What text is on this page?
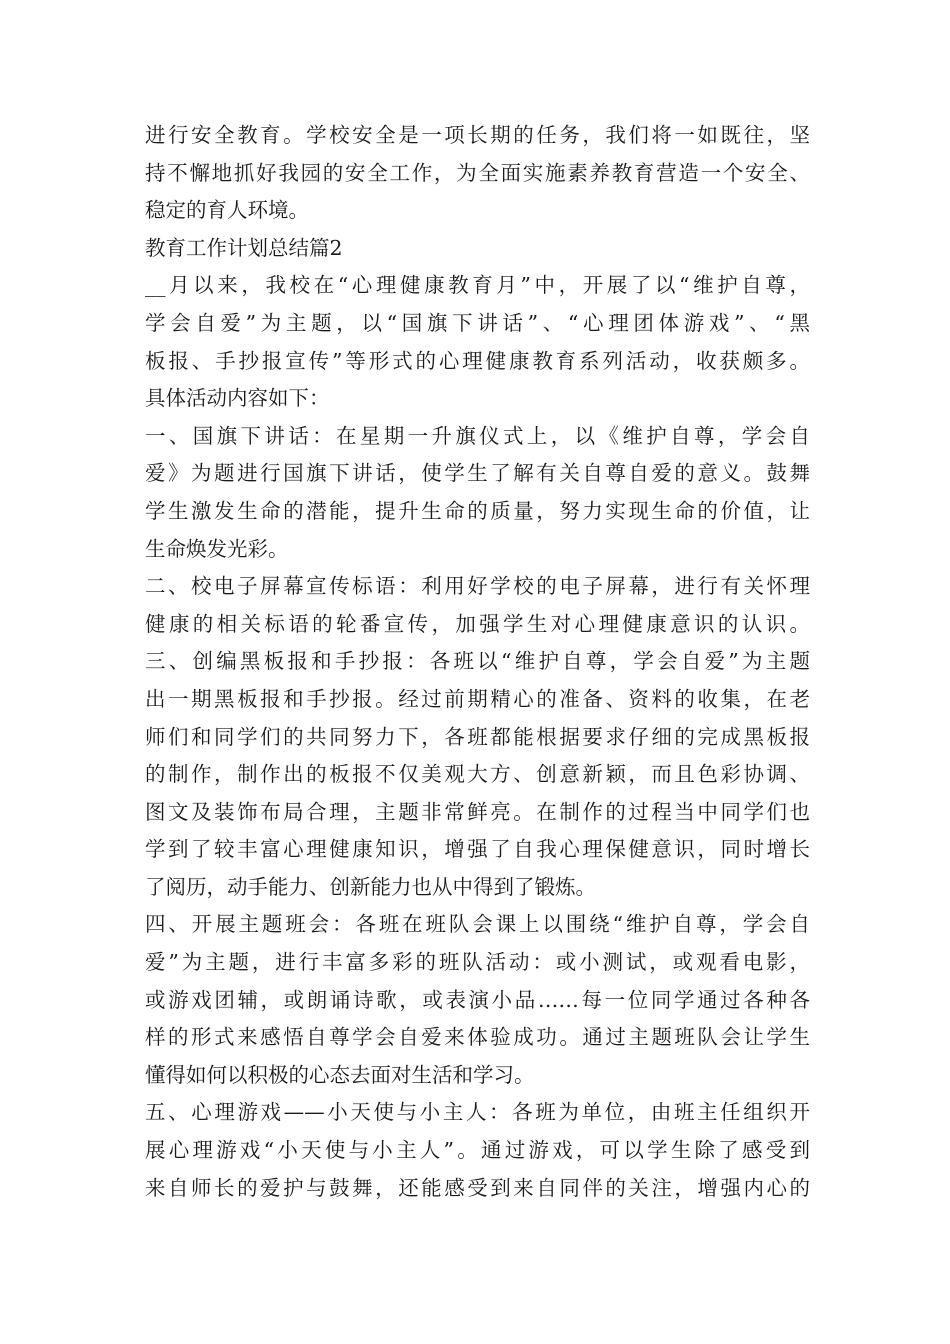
进行安全教育。学校安全是一项长期的任务，我们将一如既往，坚
持不懈地抓好我园的安全工作，为全面实施素养教育营造一个安全、
稳定的育人环境。
教育工作计划总结篇2
__月以来，我校在“心理健康教育月”中，开展了以“维护自尊，
学会自爱”为主题，以“国旗下讲话”、“心理团体游戏”、“黑
板报、手抄报宣传”等形式的心理健康教育系列活动，收获颇多。
具体活动内容如下：
一、国旗下讲话：在星期一升旗仪式上，以《维护自尊，学会自
爱》为题进行国旗下讲话，使学生了解有关自尊自爱的意义。鼓舞
学生激发生命的潜能，提升生命的质量，努力实现生命的价值，让
生命焕发光彩。
二、校电子屏幕宣传标语：利用好学校的电子屏幕，进行有关怀理
健康的相关标语的轮番宣传，加强学生对心理健康意识的认识。
三、创编黑板报和手抄报：各班以“维护自尊，学会自爱”为主题
出一期黑板报和手抄报。经过前期精心的准备、资料的收集，在老
师们和同学们的共同努力下，各班都能根据要求仔细的完成黑板报
的制作，制作出的板报不仅美观大方、创意新颖，而且色彩协调、
图文及装饰布局合理，主题非常鲜亮。在制作的过程当中同学们也
学到了较丰富心理健康知识，增强了自我心理保健意识，同时增长
了阅历，动手能力、创新能力也从中得到了锻炼。
四、开展主题班会：各班在班队会课上以围绕“维护自尊，学会自
爱”为主题，进行丰富多彩的班队活动：或小测试，或观看电影，
或游戏团辅，或朗诵诗歌，或表演小品……每一位同学通过各种各
样的形式来感悟自尊学会自爱来体验成功。通过主题班队会让学生
懂得如何以积极的心态去面对生活和学习。
五、心理游戏——小天使与小主人：各班为单位，由班主任组织开
展心理游戏“小天使与小主人”。通过游戏，可以学生除了感受到
来自师长的爱护与鼓舞，还能感受到来自同伴的关注，增强内心的
